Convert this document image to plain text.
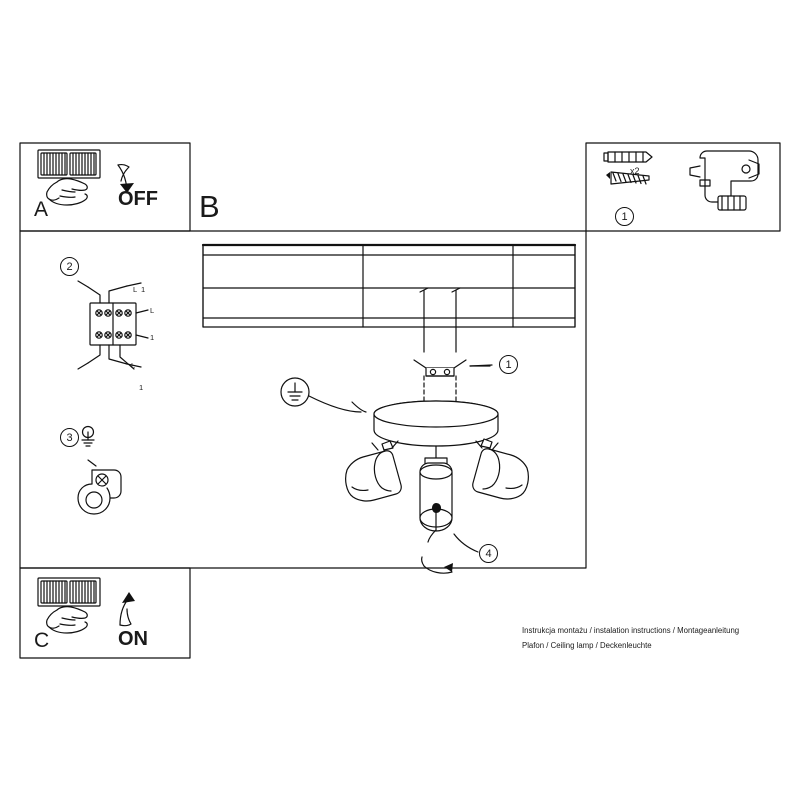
A	OFF B
C	ON
x2
1
1
2
3
4
L 1
L
1
L
1
Instrukcja montażu / instalation instructions / Montageanleitung
Plafon / Ceiling lamp / Deckenleuchte
